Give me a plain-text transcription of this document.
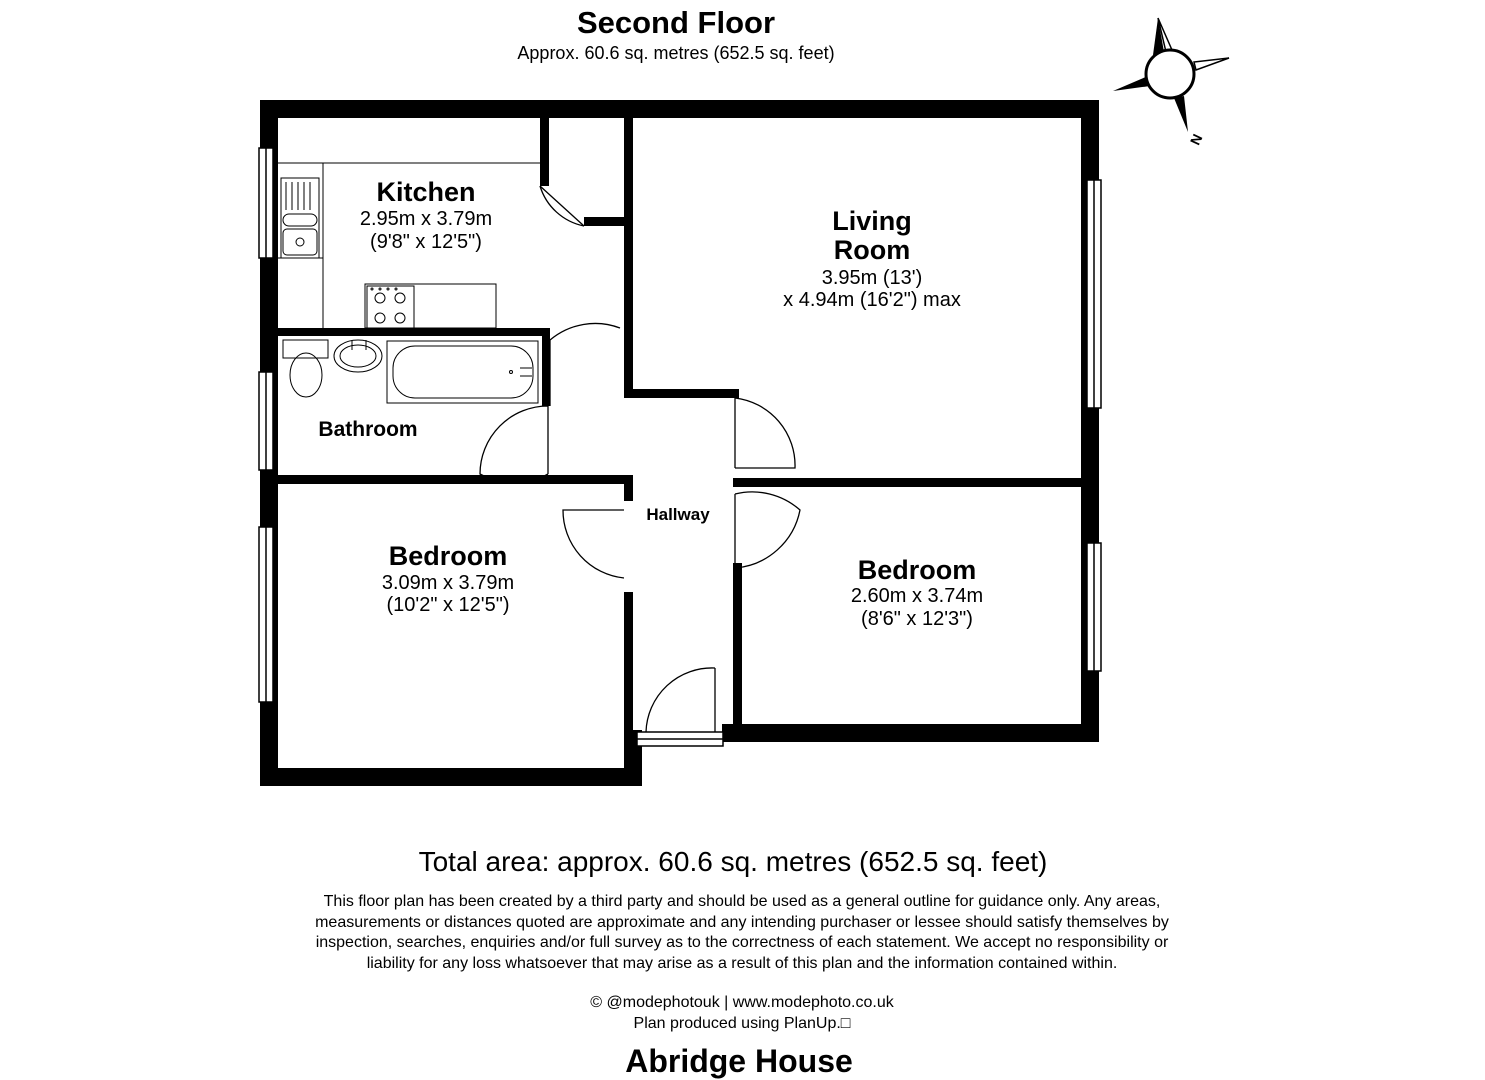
Second Floor
Approx. 60.6 sq. metres (652.5 sq. feet)
N
Kitchen
2.95m x 3.79m
(9'8" x 12'5")
Living
Room
3.95m (13')
x 4.94m (16'2") max
Bathroom
Hallway
Bedroom
3.09m x 3.79m
(10'2" x 12'5")
Bedroom
2.60m x 3.74m
(8'6" x 12'3")
Total area: approx. 60.6 sq. metres (652.5 sq. feet)
This floor plan has been created by a third party and should be used as a general outline for guidance only. Any areas,
measurements or distances quoted are approximate and any intending purchaser or lessee should satisfy themselves by
inspection, searches, enquiries and/or full survey as to the correctness of each statement. We accept no responsibility or
liability for any loss whatsoever that may arise as a result of this plan and the information contained within.
© @modephotouk | www.modephoto.co.uk
Plan produced using PlanUp.□
Abridge House
